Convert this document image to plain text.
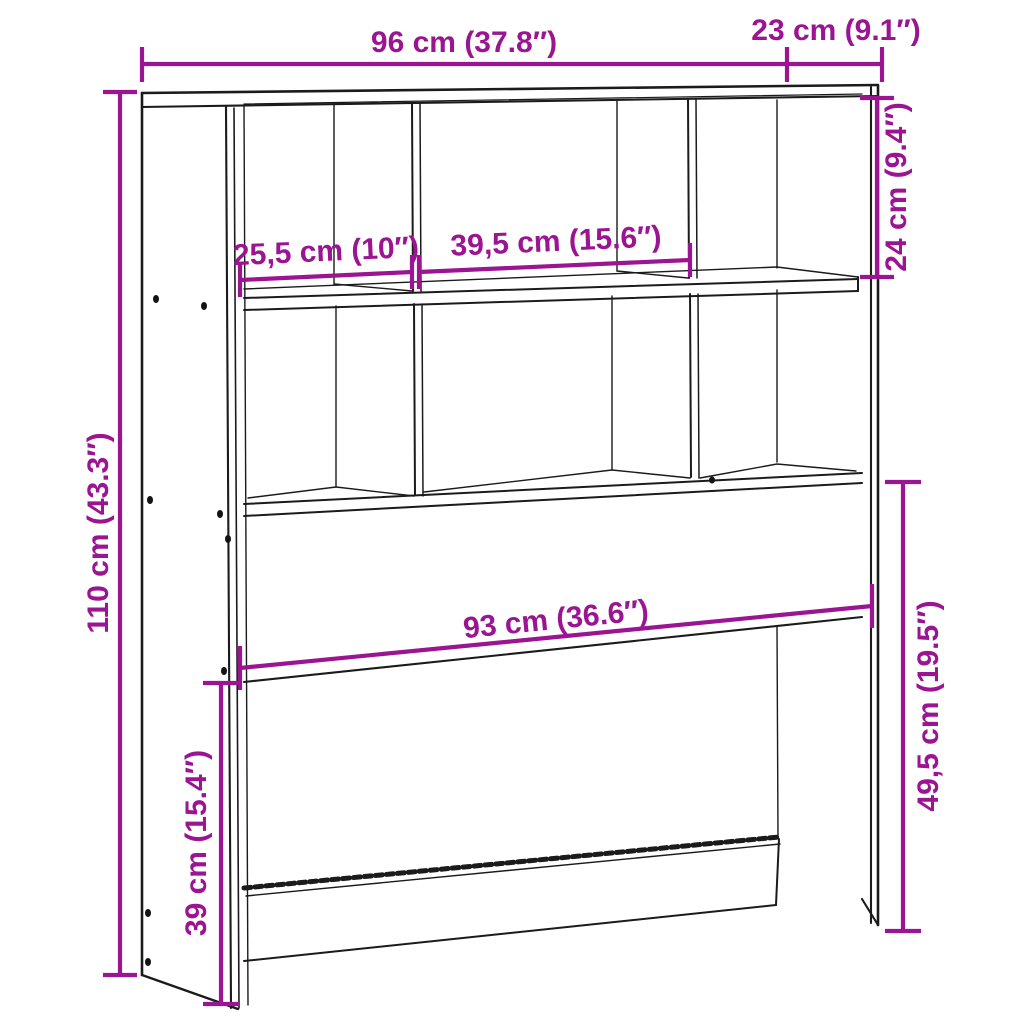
96 cm (37.8″)	23 cm (9.1″)
110 cm (43.3″)
24 cm (9.4″)
25,5 cm (10″) 39,5 cm (15.6″)
93 cm (36.6″)	49,5 cm (19.5″)
39 cm (15.4″)
